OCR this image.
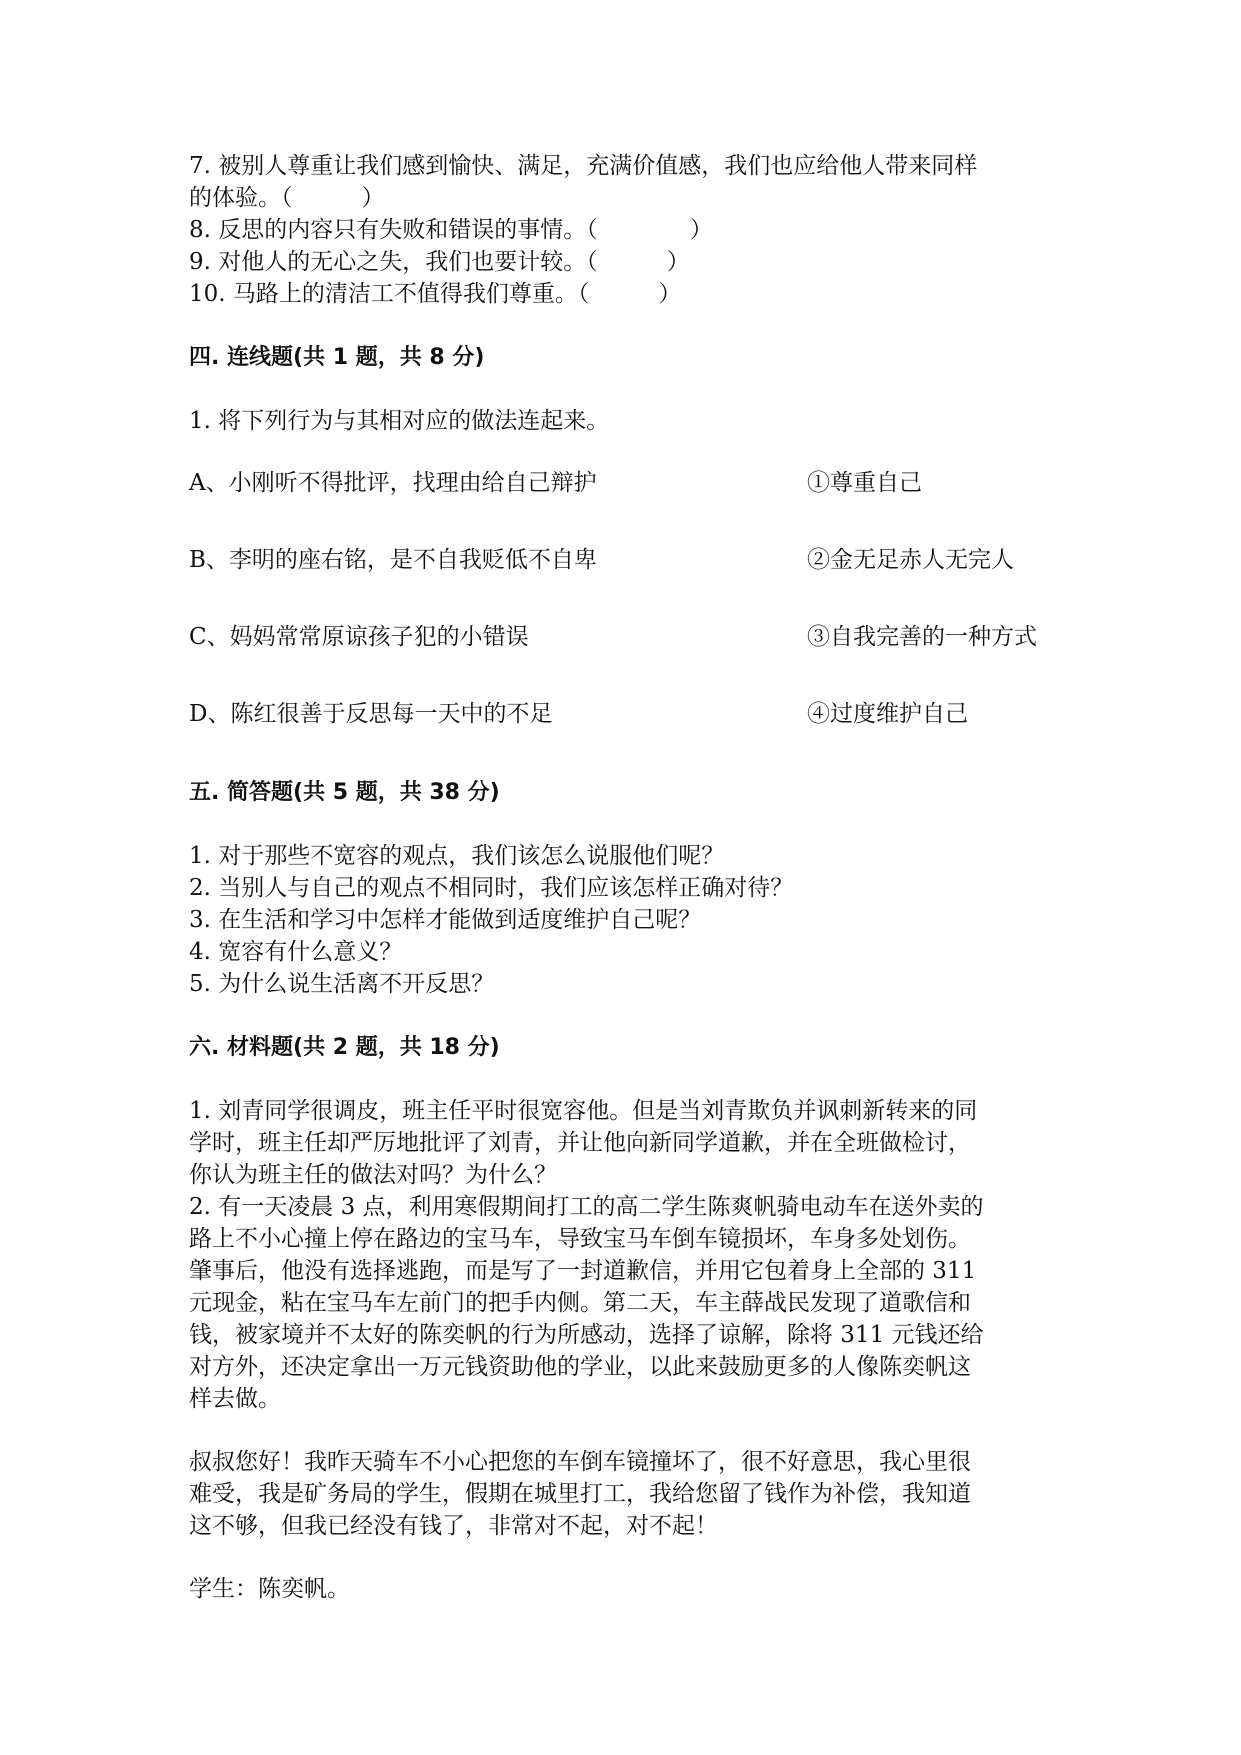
7. 被别人尊重让我们感到愉快、满足，充满价值感，我们也应给他人带来同样
的体验。（　　　）
8. 反思的内容只有失败和错误的事情。（　　　　）
9. 对他人的无心之失，我们也要计较。（　　　）
10. 马路上的清洁工不值得我们尊重。（　　　）
四. 连线题(共 1 题，共 8 分)
1. 将下列行为与其相对应的做法连起来。
A、小刚听不得批评，找理由给自己辩护	①尊重自己
B、李明的座右铭，是不自我贬低不自卑	②金无足赤人无完人
C、妈妈常常原谅孩子犯的小错误	③自我完善的一种方式
D、陈红很善于反思每一天中的不足	④过度维护自己
五. 简答题(共 5 题，共 38 分)
1. 对于那些不宽容的观点，我们该怎么说服他们呢？
2. 当别人与自己的观点不相同时，我们应该怎样正确对待？
3. 在生活和学习中怎样才能做到适度维护自己呢？
4. 宽容有什么意义？
5. 为什么说生活离不开反思？
六. 材料题(共 2 题，共 18 分)
1. 刘青同学很调皮，班主任平时很宽容他。但是当刘青欺负并讽刺新转来的同
学时，班主任却严厉地批评了刘青，并让他向新同学道歉，并在全班做检讨，
你认为班主任的做法对吗？为什么？
2. 有一天凌晨 3 点，利用寒假期间打工的高二学生陈爽帆骑电动车在送外卖的
路上不小心撞上停在路边的宝马车，导致宝马车倒车镜损坏，车身多处划伤。
肇事后，他没有选择逃跑，而是写了一封道歉信，并用它包着身上全部的 311
元现金，粘在宝马车左前门的把手内侧。第二天，车主薛战民发现了道歌信和
钱，被家境并不太好的陈奕帆的行为所感动，选择了谅解，除将 311 元钱还给
对方外，还决定拿出一万元钱资助他的学业，以此来鼓励更多的人像陈奕帆这
样去做。
叔叔您好！我昨天骑车不小心把您的车倒车镜撞坏了，很不好意思，我心里很
难受，我是矿务局的学生，假期在城里打工，我给您留了钱作为补偿，我知道
这不够，但我已经没有钱了，非常对不起，对不起！
学生：陈奕帆。
